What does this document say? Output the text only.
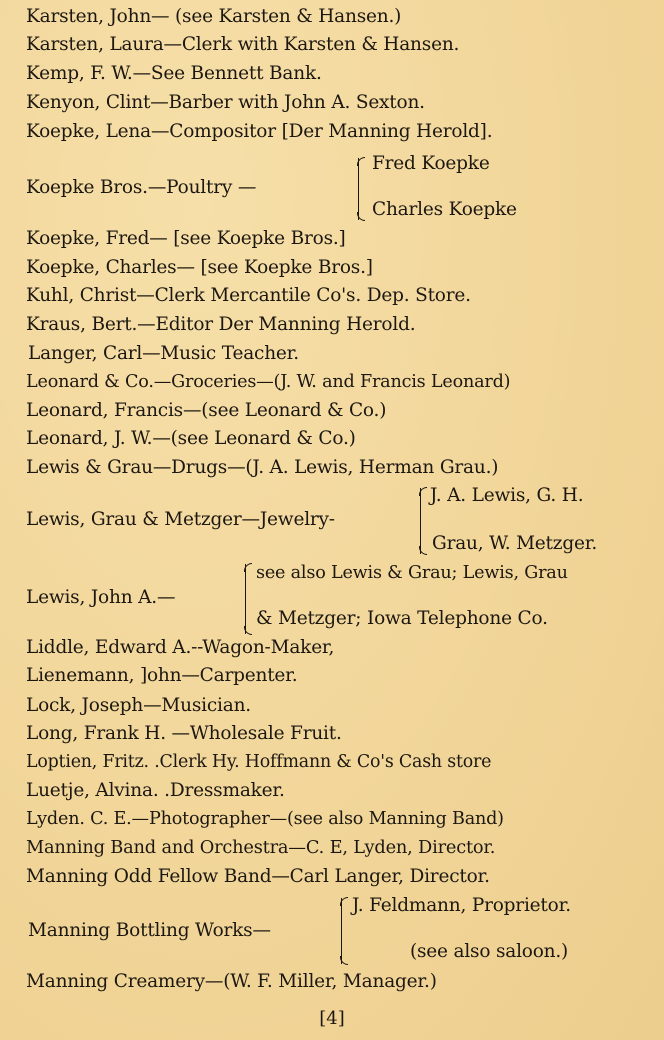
Karsten, John— (see Karsten & Hansen.)
Karsten, Laura—Clerk with Karsten & Hansen.
Kemp, F. W.—See Bennett Bank.
Kenyon, Clint—Barber with John A. Sexton.
Koepke, Lena—Compositor [Der Manning Herold].
Koepke Bros.—Poultry —
Fred Koepke
Charles Koepke
Koepke, Fred— [see Koepke Bros.]
Koepke, Charles— [see Koepke Bros.]
Kuhl, Christ—Clerk Mercantile Co's. Dep. Store.
Kraus, Bert.—Editor Der Manning Herold.
Langer, Carl—Music Teacher.
Leonard & Co.—Groceries—(J. W. and Francis Leonard)
Leonard, Francis—(see Leonard & Co.)
Leonard, J. W.—(see Leonard & Co.)
Lewis & Grau—Drugs—(J. A. Lewis, Herman Grau.)
Lewis, Grau & Metzger—Jewelry-
J. A. Lewis, G. H.
Grau, W. Metzger.
Lewis, John A.—
see also Lewis & Grau; Lewis, Grau
& Metzger; Iowa Telephone Co.
Liddle, Edward A.--Wagon-Maker,
Lienemann, ]ohn—Carpenter.
Lock, Joseph—Musician.
Long, Frank H. —Wholesale Fruit.
Loptien, Fritz. .Clerk Hy. Hoffmann & Co's Cash store
Luetje, Alvina. .Dressmaker.
Lyden. C. E.—Photographer—(see also Manning Band)
Manning Band and Orchestra—C. E, Lyden, Director.
Manning Odd Fellow Band—Carl Langer, Director.
Manning Bottling Works—
J. Feldmann, Proprietor.
(see also saloon.)
Manning Creamery—(W. F. Miller, Manager.)
[4]
